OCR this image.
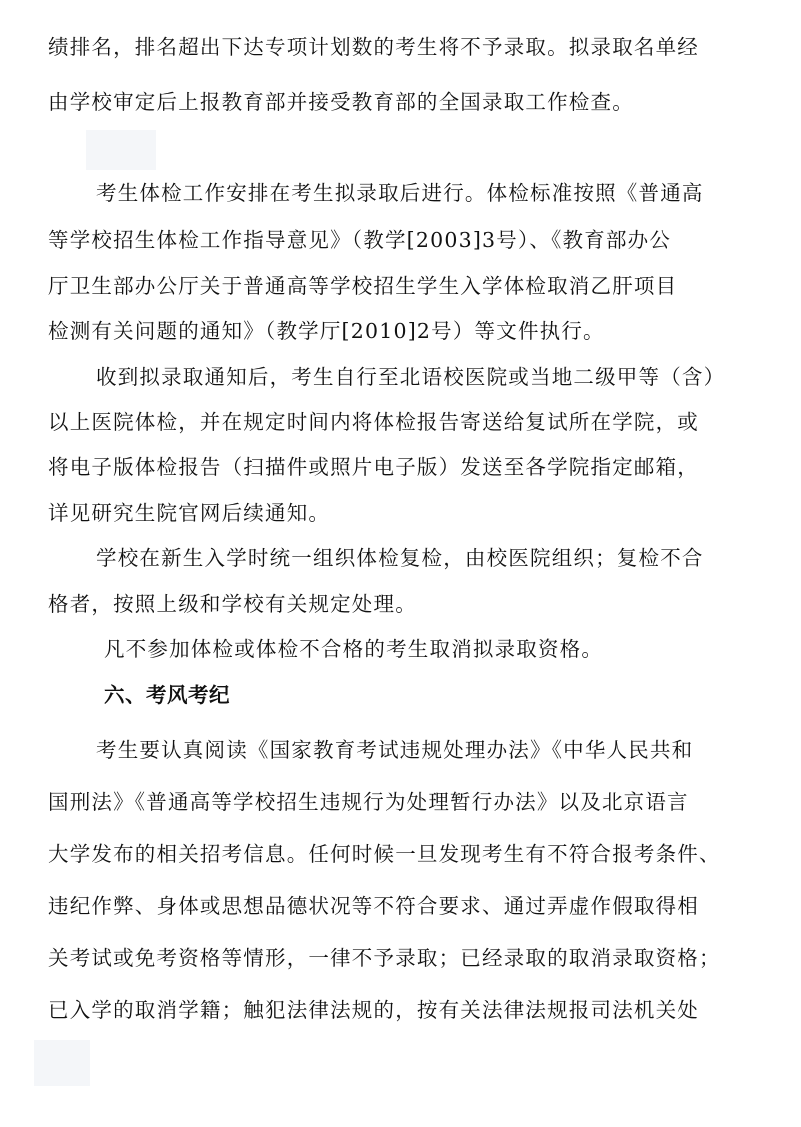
绩排名，排名超出下达专项计划数的考生将不予录取。拟录取名单经
由学校审定后上报教育部并接受教育部的全国录取工作检查。
考生体检工作安排在考生拟录取后进行。体检标准按照《普通高
等学校招生体检工作指导意见》（教学[2003]3号）、《教育部办公
厅卫生部办公厅关于普通高等学校招生学生入学体检取消乙肝项目
检测有关问题的通知》（教学厅[2010]2号）等文件执行。
收到拟录取通知后，考生自行至北语校医院或当地二级甲等（含）
以上医院体检，并在规定时间内将体检报告寄送给复试所在学院，或
将电子版体检报告（扫描件或照片电子版）发送至各学院指定邮箱，
详见研究生院官网后续通知。
学校在新生入学时统一组织体检复检，由校医院组织；复检不合
格者，按照上级和学校有关规定处理。
凡不参加体检或体检不合格的考生取消拟录取资格。
六、考风考纪
考生要认真阅读《国家教育考试违规处理办法》《中华人民共和
国刑法》《普通高等学校招生违规行为处理暂行办法》以及北京语言
大学发布的相关招考信息。任何时候一旦发现考生有不符合报考条件、
违纪作弊、身体或思想品德状况等不符合要求、通过弄虚作假取得相
关考试或免考资格等情形，一律不予录取；已经录取的取消录取资格；
已入学的取消学籍；触犯法律法规的，按有关法律法规报司法机关处
